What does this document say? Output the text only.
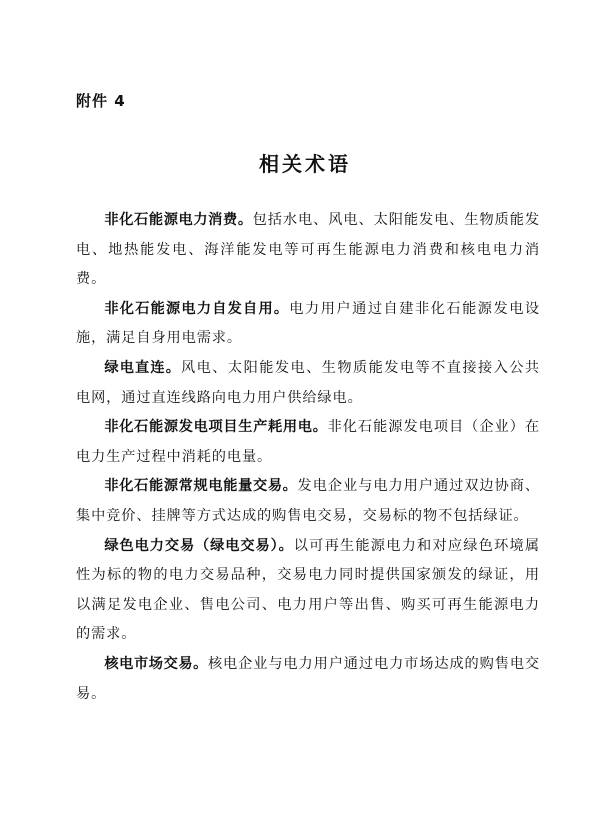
附件 4

相关术语

非化石能源电力消费。包括水电、风电、太阳能发电、生物质能发电、地热能发电、海洋能发电等可再生能源电力消费和核电电力消费。

非化石能源电力自发自用。电力用户通过自建非化石能源发电设施，满足自身用电需求。

绿电直连。风电、太阳能发电、生物质能发电等不直接接入公共电网，通过直连线路向电力用户供给绿电。

非化石能源发电项目生产耗用电。非化石能源发电项目（企业）在电力生产过程中消耗的电量。

非化石能源常规电能量交易。发电企业与电力用户通过双边协商、集中竞价、挂牌等方式达成的购售电交易，交易标的物不包括绿证。

绿色电力交易（绿电交易）。以可再生能源电力和对应绿色环境属性为标的物的电力交易品种，交易电力同时提供国家颁发的绿证，用以满足发电企业、售电公司、电力用户等出售、购买可再生能源电力的需求。

核电市场交易。核电企业与电力用户通过电力市场达成的购售电交易。
